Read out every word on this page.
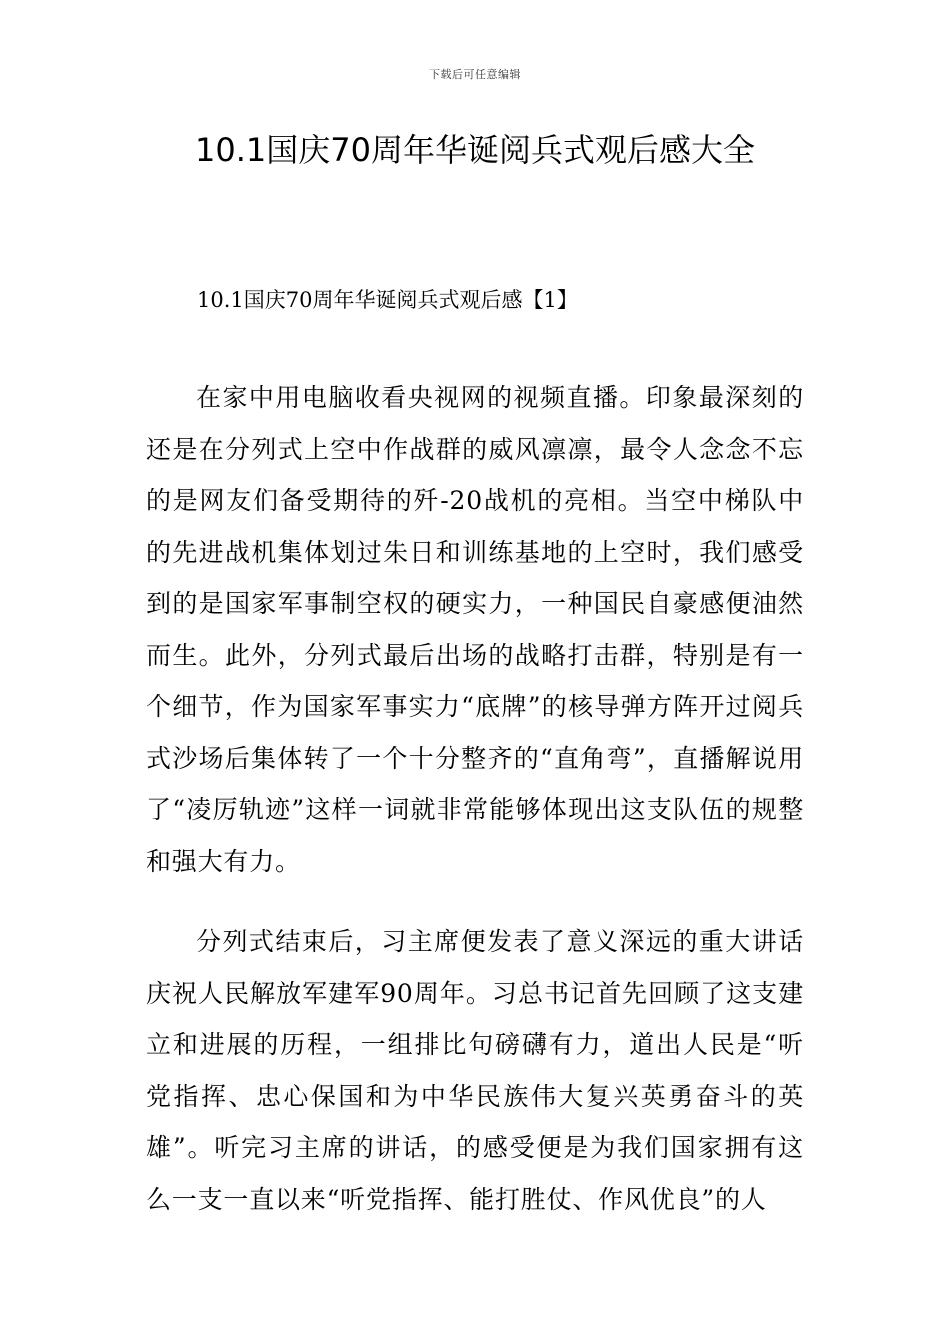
下载后可任意编辑
10.1国庆70周年华诞阅兵式观后感大全
10.1国庆70周年华诞阅兵式观后感【1】

在家中用电脑收看央视网的视频直播。印象最深刻的还是在分列式上空中作战群的威风凛凛，最令人念念不忘的是网友们备受期待的歼-20战机的亮相。当空中梯队中的先进战机集体划过朱日和训练基地的上空时，我们感受到的是国家军事制空权的硬实力，一种国民自豪感便油然而生。此外，分列式最后出场的战略打击群，特别是有一个细节，作为国家军事实力“底牌”的核导弹方阵开过阅兵式沙场后集体转了一个十分整齐的“直角弯”，直播解说用了“凌厉轨迹”这样一词就非常能够体现出这支队伍的规整和强大有力。

分列式结束后，习主席便发表了意义深远的重大讲话庆祝人民解放军建军90周年。习总书记首先回顾了这支建立和进展的历程，一组排比句磅礴有力，道出人民是“听党指挥、忠心保国和为中华民族伟大复兴英勇奋斗的英雄”。听完习主席的讲话，的感受便是为我们国家拥有这么一支一直以来“听党指挥、能打胜仗、作风优良”的人
